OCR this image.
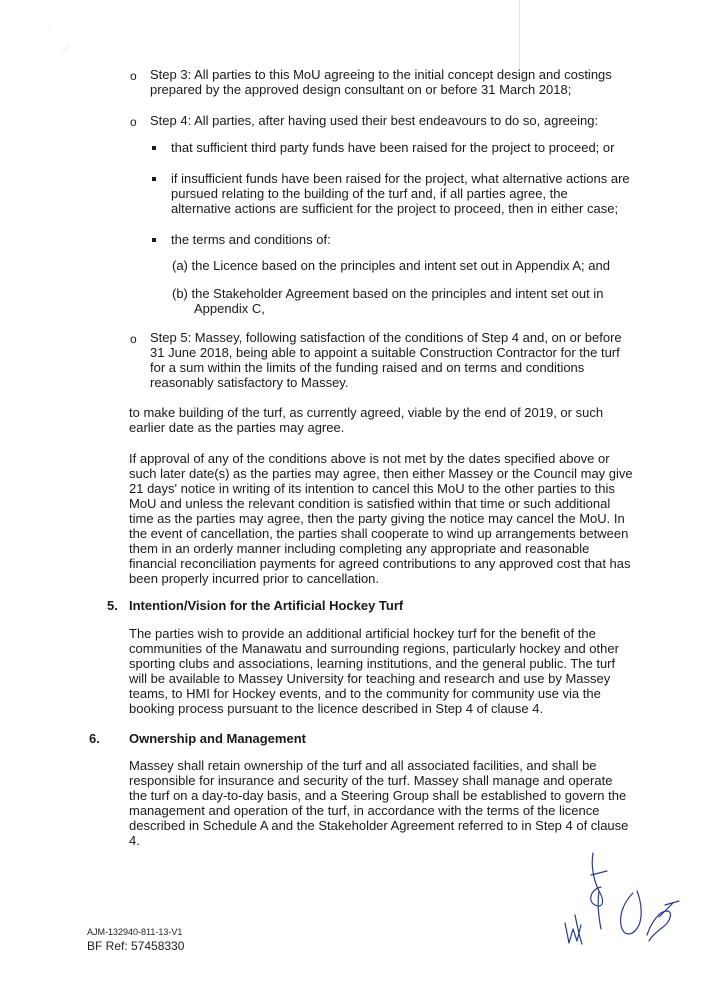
·
· ,'
o Step 3: All parties to this MoU agreeing to the initial concept design and costings prepared by the approved design consultant on or before 31 March 2018;

o Step 4: All parties, after having used their best endeavours to do so, agreeing:

that sufficient third party funds have been raised for the project to proceed; or

if insufficient funds have been raised for the project, what alternative actions are pursued relating to the building of the turf and, if all parties agree, the alternative actions are sufficient for the project to proceed, then in either case;

the terms and conditions of:

(a) the Licence based on the principles and intent set out in Appendix A; and

(b) the Stakeholder Agreement based on the principles and intent set out in Appendix C,

o Step 5: Massey, following satisfaction of the conditions of Step 4 and, on or before 31 June 2018, being able to appoint a suitable Construction Contractor for the turf for a sum within the limits of the funding raised and on terms and conditions reasonably satisfactory to Massey.

to make building of the turf, as currently agreed, viable by the end of 2019, or such earlier date as the parties may agree.

If approval of any of the conditions above is not met by the dates specified above or such later date(s) as the parties may agree, then either Massey or the Council may give 21 days' notice in writing of its intention to cancel this MoU to the other parties to this MoU and unless the relevant condition is satisfied within that time or such additional time as the parties may agree, then the party giving the notice may cancel the MoU. In the event of cancellation, the parties shall cooperate to wind up arrangements between them in an orderly manner including completing any appropriate and reasonable financial reconciliation payments for agreed contributions to any approved cost that has been properly incurred prior to cancellation.

5. Intention/Vision for the Artificial Hockey Turf

The parties wish to provide an additional artificial hockey turf for the benefit of the communities of the Manawatu and surrounding regions, particularly hockey and other sporting clubs and associations, learning institutions, and the general public. The turf will be available to Massey University for teaching and research and use by Massey teams, to HMI for Hockey events, and to the community for community use via the booking process pursuant to the licence described in Step 4 of clause 4.

6. Ownership and Management

Massey shall retain ownership of the turf and all associated facilities, and shall be responsible for insurance and security of the turf. Massey shall manage and operate the turf on a day-to-day basis, and a Steering Group shall be established to govern the management and operation of the turf, in accordance with the terms of the licence described in Schedule A and the Stakeholder Agreement referred to in Step 4 of clause 4.

AJM-132940-811-13-V1
BF Ref: 57458330
